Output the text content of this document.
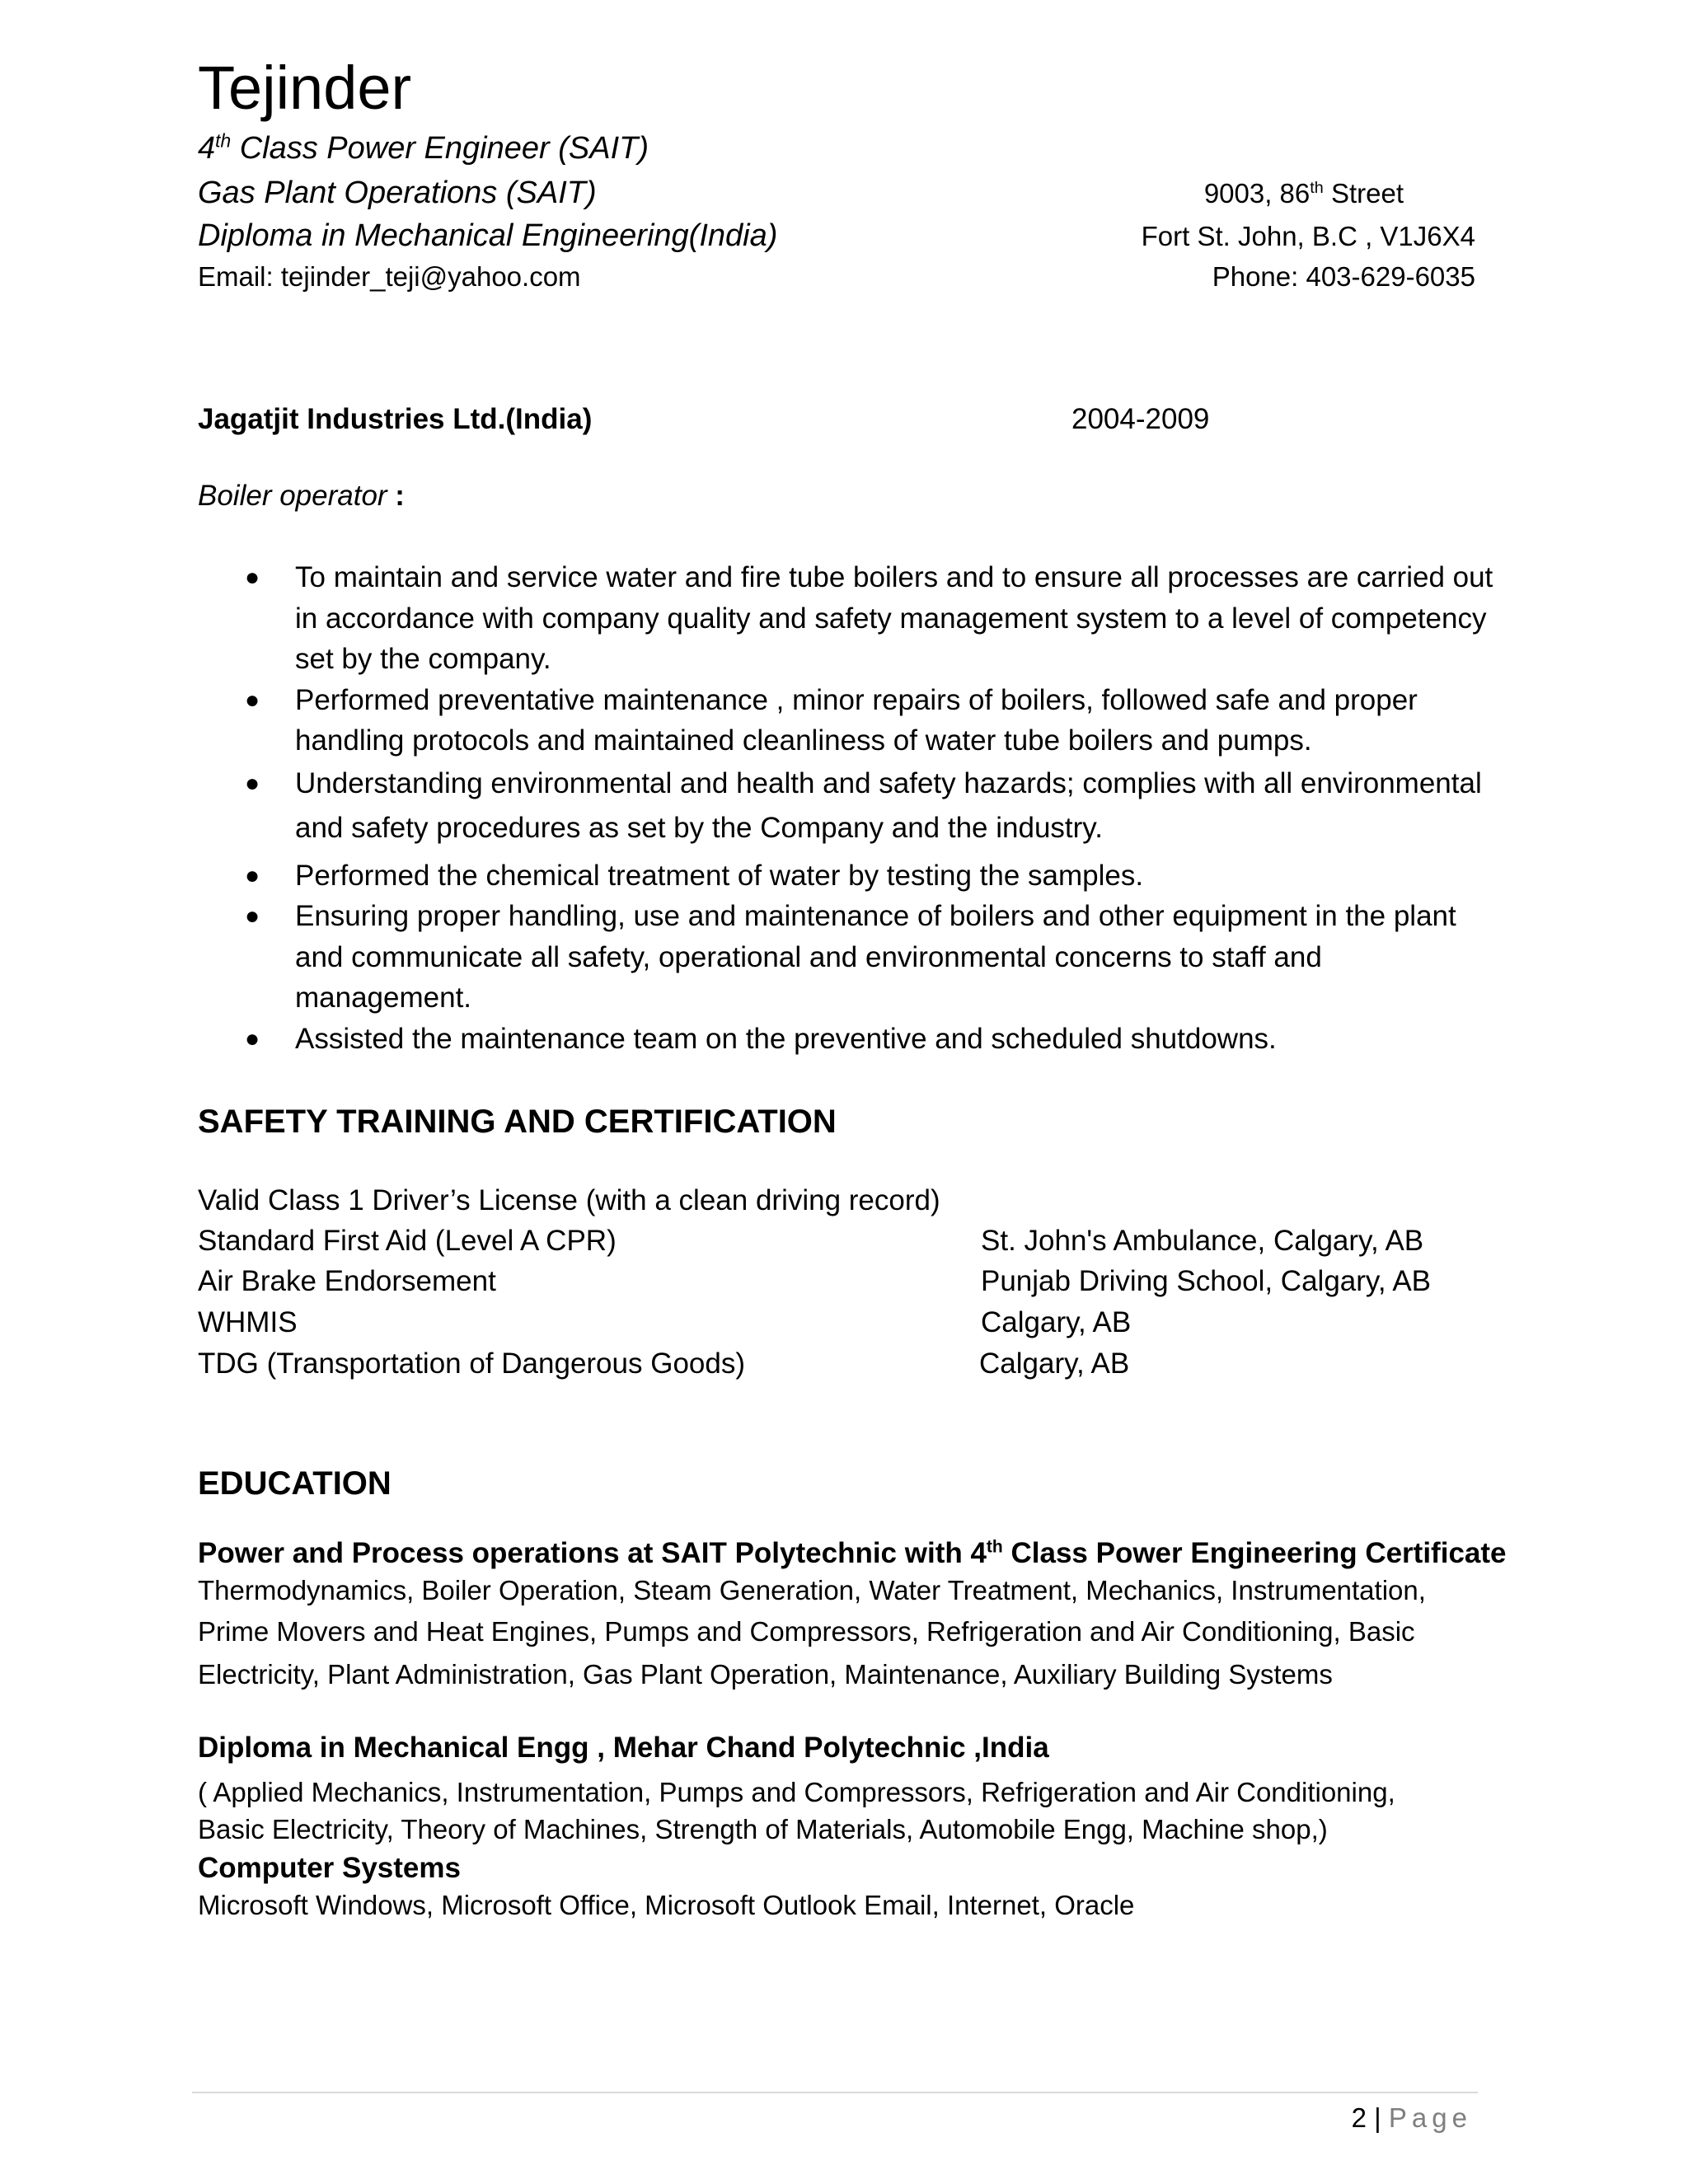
Tejinder
4th Class Power Engineer (SAIT)
Gas Plant Operations (SAIT)
Diploma in Mechanical Engineering(India)
Email: tejinder_teji@yahoo.com
9003, 86th Street
Fort St. John, B.C , V1J6X4
Phone: 403-629-6035
Jagatjit Industries Ltd.(India)	2004-2009
Boiler operator :
● To maintain and service water and fire tube boilers and to ensure all processes are carried out in accordance with company quality and safety management system to a level of competency set by the company.
● Performed preventative maintenance , minor repairs of boilers, followed safe and proper handling protocols and maintained cleanliness of water tube boilers and pumps.
● Understanding environmental and health and safety hazards; complies with all environmental and safety procedures as set by the Company and the industry.
● Performed the chemical treatment of water by testing the samples.
● Ensuring proper handling, use and maintenance of boilers and other equipment in the plant and communicate all safety, operational and environmental concerns to staff and management.
● Assisted the maintenance team on the preventive and scheduled shutdowns.
SAFETY TRAINING AND CERTIFICATION
Valid Class 1 Driver’s License (with a clean driving record)
Standard First Aid (Level A CPR)	St. John's Ambulance, Calgary, AB
Air Brake Endorsement	Punjab Driving School, Calgary, AB
WHMIS	Calgary, AB
TDG (Transportation of Dangerous Goods)	Calgary, AB
EDUCATION
Power and Process operations at SAIT Polytechnic with 4th Class Power Engineering Certificate
Thermodynamics, Boiler Operation, Steam Generation, Water Treatment, Mechanics, Instrumentation,
Prime Movers and Heat Engines, Pumps and Compressors, Refrigeration and Air Conditioning, Basic
Electricity, Plant Administration, Gas Plant Operation, Maintenance, Auxiliary Building Systems
Diploma in Mechanical Engg , Mehar Chand Polytechnic ,India
( Applied Mechanics, Instrumentation, Pumps and Compressors, Refrigeration and Air Conditioning,
Basic Electricity, Theory of Machines, Strength of Materials, Automobile Engg, Machine shop,)
Computer Systems
Microsoft Windows, Microsoft Office, Microsoft Outlook Email, Internet, Oracle
2 | Page
